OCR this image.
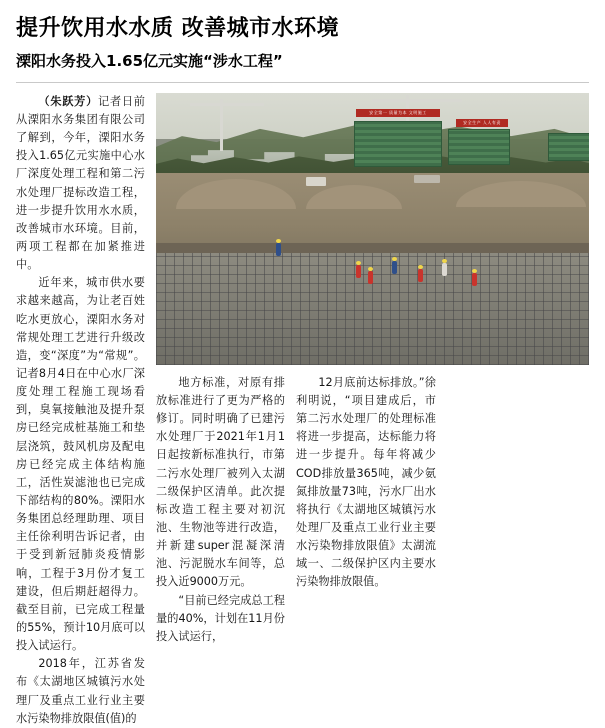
提升饮用水水质 改善城市水环境
溧阳水务投入1.65亿元实施“涉水工程”

（朱跃芳）记者日前从溧阳水务集团有限公司了解到，今年，溧阳水务投入1.65亿元实施中心水厂深度处理工程和第二污水处理厂提标改造工程，进一步提升饮用水水质，改善城市水环境。目前，两项工程都在加紧推进中。

近年来，城市供水要求越来越高，为让老百姓吃水更放心，溧阳水务对常规处理工艺进行升级改造，变“深度”为“常规”。记者8月4日在中心水厂深度处理工程施工现场看到，臭氧接触池及提升泵房已经完成桩基施工和垫层浇筑，鼓风机房及配电房已经完成主体结构施工，活性炭滤池也已完成下部结构的80%。溧阳水务集团总经理助理、项目主任徐利明告诉记者，由于受到新冠肺炎疫情影响，工程于3月份才复工建设，但后期赶超得力。截至目前，已完成工程量的55%，预计10月底可以投入试运行。

2018年，江苏省发布《太湖地区城镇污水处理厂及重点工业行业主要水污染物排放限值(值)的

安全第一 质量为本 文明施工
安全生产 人人有责

地方标准，对原有排放标准进行了更为严格的修订。同时明确了已建污水处理厂于2021年1月1日起按新标准执行，市第二污水处理厂被列入太湖二级保护区清单。此次提标改造工程主要对初沉池、生物池等进行改造，并新建super混凝深清池、污泥脱水车间等，总投入近9000万元。

“目前已经完成总工程量的40%，计划在11月份投入试运行，

12月底前达标排放。”徐利明说，“项目建成后，市第二污水处理厂的处理标准将进一步提高，达标能力将进一步提升。每年将减少COD排放量365吨，减少氨氮排放量73吨，污水厂出水将执行《太湖地区城镇污水处理厂及重点工业行业主要水污染物排放限值》太湖流域一、二级保护区内主要水污染物排放限值。
